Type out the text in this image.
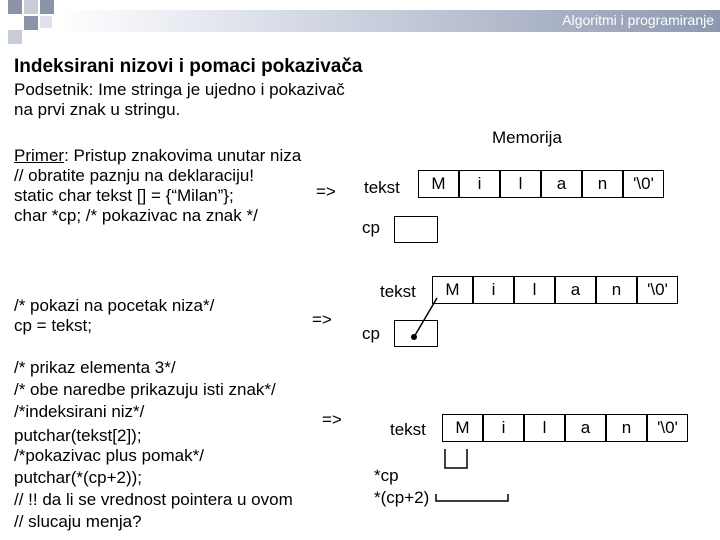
Algoritmi i programiranje
Indeksirani nizovi i pomaci pokazivača
Podsetnik: Ime stringa je ujedno i pokazivač
na prvi znak u stringu.
Memorija
Primer: Pristup znakovima unutar niza
// obratite paznju na deklaraciju!
static char tekst [] = {“Milan”};
char *cp; /* pokazivac na znak */
=> tekst	M	i	l	a	n	'\0'
cp
/* pokazi na pocetak niza*/
cp = tekst;	=>
tekst	M	i	l	a	n	'\0'
cp
/* prikaz elementa 3*/
/* obe naredbe prikazuju isti znak*/
/*indeksirani niz*/
putchar(tekst[2]);
/*pokazivac plus pomak*/
putchar(*(cp+2));
// !! da li se vrednost pointera u ovom
// slucaju menja?
=>
tekst	M	i	l	a	n	'\0'
*cp
*(cp+2)
